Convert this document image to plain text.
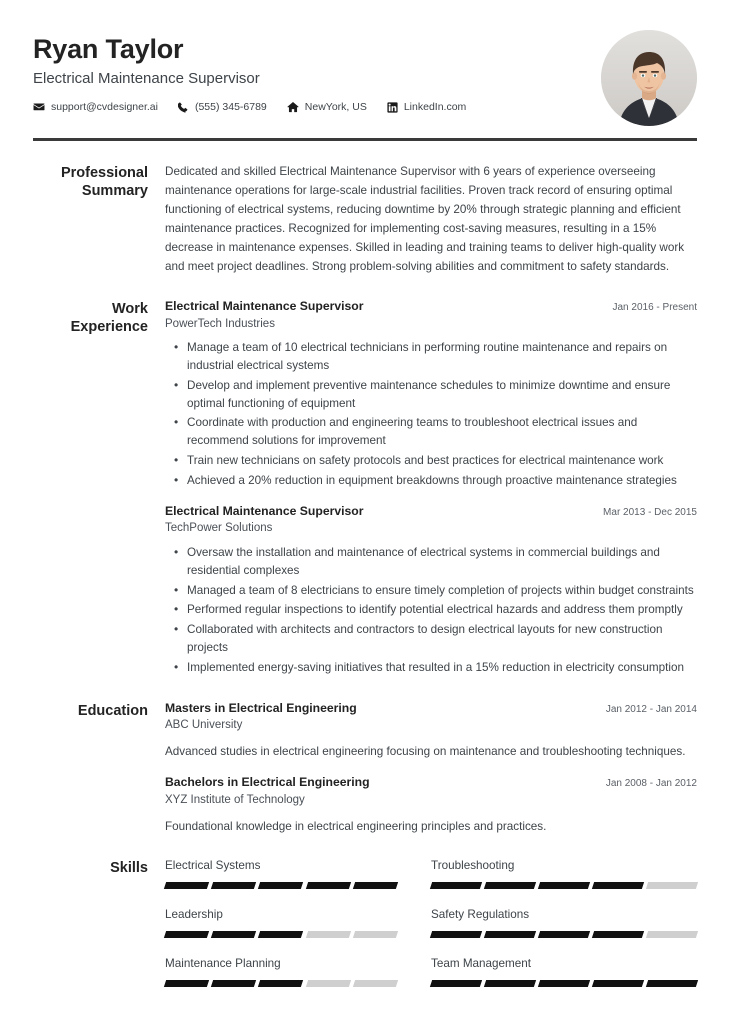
Ryan Taylor
Electrical Maintenance Supervisor
support@cvdesigner.ai	(555) 345-6789	NewYork, US	LinkedIn.com
Professional Summary
Dedicated and skilled Electrical Maintenance Supervisor with 6 years of experience overseeing maintenance operations for large-scale industrial facilities. Proven track record of ensuring optimal functioning of electrical systems, reducing downtime by 20% through strategic planning and efficient maintenance practices. Recognized for implementing cost-saving measures, resulting in a 15% decrease in maintenance expenses. Skilled in leading and training teams to deliver high-quality work and meet project deadlines. Strong problem-solving abilities and commitment to safety standards.
Work Experience
Electrical Maintenance Supervisor	Jan 2016 - Present
PowerTech Industries
• Manage a team of 10 electrical technicians in performing routine maintenance and repairs on industrial electrical systems
• Develop and implement preventive maintenance schedules to minimize downtime and ensure optimal functioning of equipment
• Coordinate with production and engineering teams to troubleshoot electrical issues and recommend solutions for improvement
• Train new technicians on safety protocols and best practices for electrical maintenance work
• Achieved a 20% reduction in equipment breakdowns through proactive maintenance strategies
Electrical Maintenance Supervisor	Mar 2013 - Dec 2015
TechPower Solutions
• Oversaw the installation and maintenance of electrical systems in commercial buildings and residential complexes
• Managed a team of 8 electricians to ensure timely completion of projects within budget constraints
• Performed regular inspections to identify potential electrical hazards and address them promptly
• Collaborated with architects and contractors to design electrical layouts for new construction projects
• Implemented energy-saving initiatives that resulted in a 15% reduction in electricity consumption
Education	Masters in Electrical Engineering	Jan 2012 - Jan 2014
ABC University
Advanced studies in electrical engineering focusing on maintenance and troubleshooting techniques.
Bachelors in Electrical Engineering	Jan 2008 - Jan 2012
XYZ Institute of Technology
Foundational knowledge in electrical engineering principles and practices.
Skills	Electrical Systems	Troubleshooting
Leadership	Safety Regulations
Maintenance Planning	Team Management
